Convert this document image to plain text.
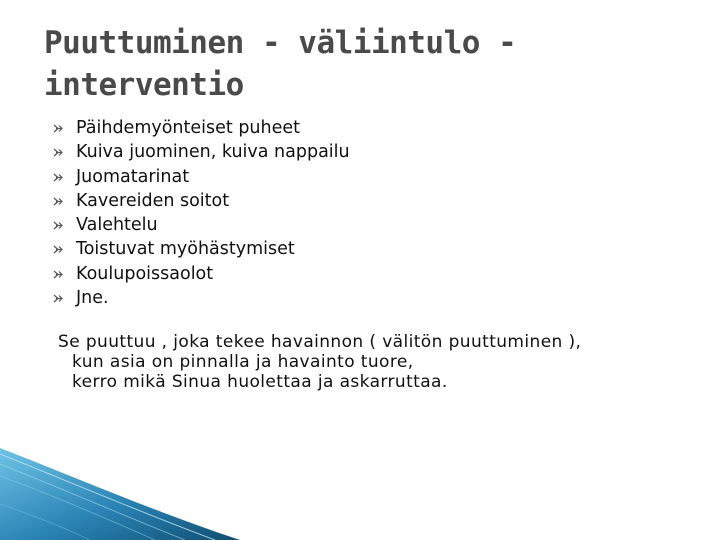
Puuttuminen - väliintulo -
interventio
Päihdemyönteiset puheet
Kuiva juominen, kuiva nappailu
Juomatarinat
Kavereiden soitot
Valehtelu
Toistuvat myöhästymiset
Koulupoissaolot
Jne.
Se puuttuu , joka tekee havainnon ( välitön puuttuminen ),
kun asia on pinnalla ja havainto tuore,
kerro mikä Sinua huolettaa ja askarruttaa.
